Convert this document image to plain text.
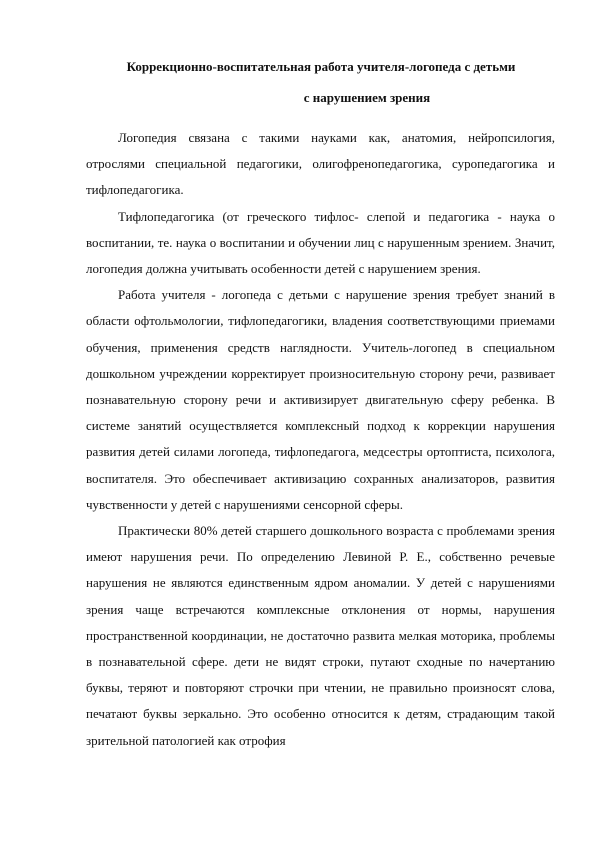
Коррекционно-воспитательная работа учителя-логопеда с детьми

с нарушением зрения

Логопедия связана с такими науками как, анатомия, нейропсилогия, отрослями специальной педагогики, олигофренопедагогика, суропедагогика и тифлопедагогика.

Тифлопедагогика (от греческого тифлос- слепой и педагогика - наука о воспитании, те. наука о воспитании и обучении лиц с нарушенным зрением. Значит, логопедия должна учитывать особенности детей с нарушением зрения.

Работа учителя - логопеда с детьми с нарушение зрения требует знаний в области офтольмологии, тифлопедагогики, владения соответствующими приемами обучения, применения средств наглядности. Учитель-логопед в специальном дошкольном учреждении корректирует произносительную сторону речи, развивает познавательную сторону речи и активизирует двигательную сферу ребенка. В системе занятий осуществляется комплексный подход к коррекции нарушения развития детей силами логопеда, тифлопедагога, медсестры ортоптиста, психолога, воспитателя. Это обеспечивает активизацию сохранных анализаторов, развития чувственности у детей с нарушениями сенсорной сферы.

Практически 80% детей старшего дошкольного возраста с проблемами зрения имеют нарушения речи. По определению Левиной Р. Е., собственно речевые нарушения не являются единственным ядром аномалии. У детей с нарушениями зрения чаще встречаются комплексные отклонения от нормы, нарушения пространственной координации, не достаточно развита мелкая моторика, проблемы в познавательной сфере. дети не видят строки, путают сходные по начертанию буквы, теряют и повторяют строчки при чтении, не правильно произносят слова, печатают буквы зеркально. Это особенно относится к детям, страдающим такой зрительной патологией как отрофия
